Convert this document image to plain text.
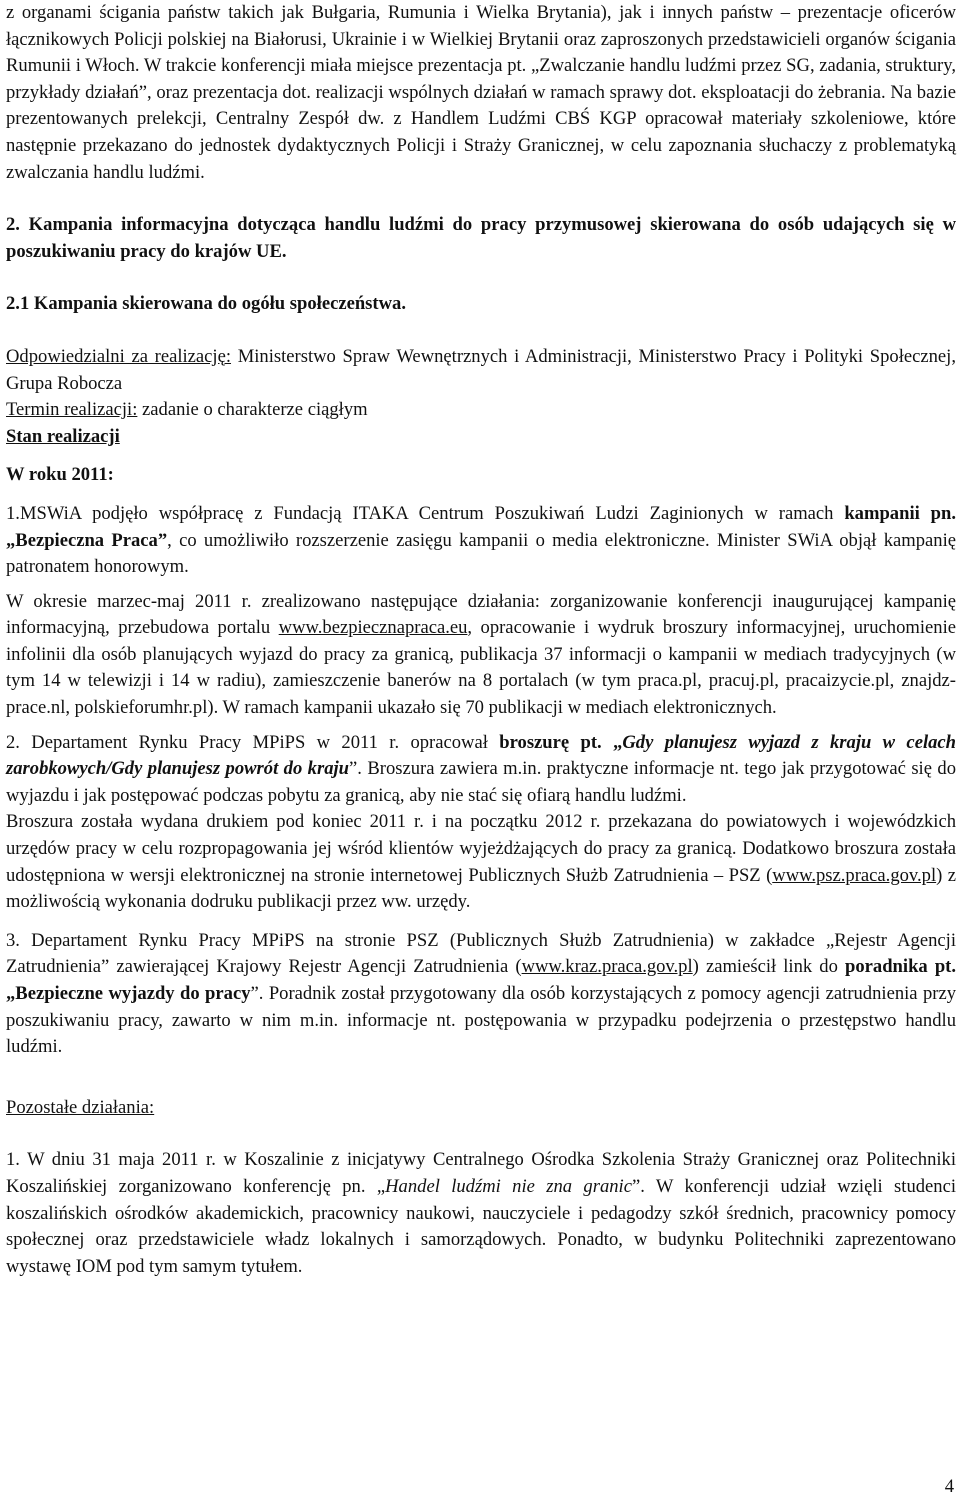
z organami ścigania państw takich jak Bułgaria, Rumunia i Wielka Brytania), jak i innych państw – prezentacje oficerów łącznikowych Policji polskiej na Białorusi, Ukrainie i w Wielkiej Brytanii oraz zaproszonych przedstawicieli organów ścigania Rumunii i Włoch. W trakcie konferencji miała miejsce prezentacja pt. „Zwalczanie handlu ludźmi przez SG, zadania, struktury, przykłady działań”, oraz prezentacja dot. realizacji wspólnych działań w ramach sprawy dot. eksploatacji do żebrania. Na bazie prezentowanych prelekcji, Centralny Zespół dw. z Handlem Ludźmi CBŚ KGP opracował materiały szkoleniowe, które następnie przekazano do jednostek dydaktycznych Policji i Straży Granicznej, w celu zapoznania słuchaczy z problematyką zwalczania handlu ludźmi.

2. Kampania informacyjna dotycząca handlu ludźmi do pracy przymusowej skierowana do osób udających się w poszukiwaniu pracy do krajów UE.

2.1 Kampania skierowana do ogółu społeczeństwa.

Odpowiedzialni za realizację: Ministerstwo Spraw Wewnętrznych i Administracji, Ministerstwo Pracy i Polityki Społecznej, Grupa Robocza

Termin realizacji: zadanie o charakterze ciągłym

Stan realizacji

W roku 2011:

1.MSWiA podjęło współpracę z Fundacją ITAKA Centrum Poszukiwań Ludzi Zaginionych w ramach kampanii pn. „Bezpieczna Praca”, co umożliwiło rozszerzenie zasięgu kampanii o media elektroniczne. Minister SWiA objął kampanię patronatem honorowym.

W okresie marzec-maj 2011 r. zrealizowano następujące działania: zorganizowanie konferencji inaugurującej kampanię informacyjną, przebudowa portalu www.bezpiecznapraca.eu, opracowanie i wydruk broszury informacyjnej, uruchomienie infolinii dla osób planujących wyjazd do pracy za granicą, publikacja 37 informacji o kampanii w mediach tradycyjnych (w tym 14 w telewizji i 14 w radiu), zamieszczenie banerów na 8 portalach (w tym praca.pl, pracuj.pl, pracaizycie.pl, znajdz-prace.nl, polskieforumhr.pl). W ramach kampanii ukazało się 70 publikacji w mediach elektronicznych.

2. Departament Rynku Pracy MPiPS w 2011 r. opracował broszurę pt. „Gdy planujesz wyjazd z kraju w celach zarobkowych/Gdy planujesz powrót do kraju”. Broszura zawiera m.in. praktyczne informacje nt. tego jak przygotować się do wyjazdu i jak postępować podczas pobytu za granicą, aby nie stać się ofiarą handlu ludźmi.

Broszura została wydana drukiem pod koniec 2011 r. i na początku 2012 r. przekazana do powiatowych i wojewódzkich urzędów pracy w celu rozpropagowania jej wśród klientów wyjeżdżających do pracy za granicą. Dodatkowo broszura została udostępniona w wersji elektronicznej na stronie internetowej Publicznych Służb Zatrudnienia – PSZ (www.psz.praca.gov.pl) z możliwością wykonania dodruku publikacji przez ww. urzędy.

3. Departament Rynku Pracy MPiPS na stronie PSZ (Publicznych Służb Zatrudnienia) w zakładce „Rejestr Agencji Zatrudnienia” zawierającej Krajowy Rejestr Agencji Zatrudnienia (www.kraz.praca.gov.pl) zamieścił link do poradnika pt. „Bezpieczne wyjazdy do pracy”. Poradnik został przygotowany dla osób korzystających z pomocy agencji zatrudnienia przy poszukiwaniu pracy, zawarto w nim m.in. informacje nt. postępowania w przypadku podejrzenia o przestępstwo handlu ludźmi.

Pozostałe działania:

1. W dniu 31 maja 2011 r. w Koszalinie z inicjatywy Centralnego Ośrodka Szkolenia Straży Granicznej oraz Politechniki Koszalińskiej zorganizowano konferencję pn. „Handel ludźmi nie zna granic”. W konferencji udział wzięli studenci koszalińskich ośrodków akademickich, pracownicy naukowi, nauczyciele i pedagodzy szkół średnich, pracownicy pomocy społecznej oraz przedstawiciele władz lokalnych i samorządowych. Ponadto, w budynku Politechniki zaprezentowano wystawę IOM pod tym samym tytułem.

4
